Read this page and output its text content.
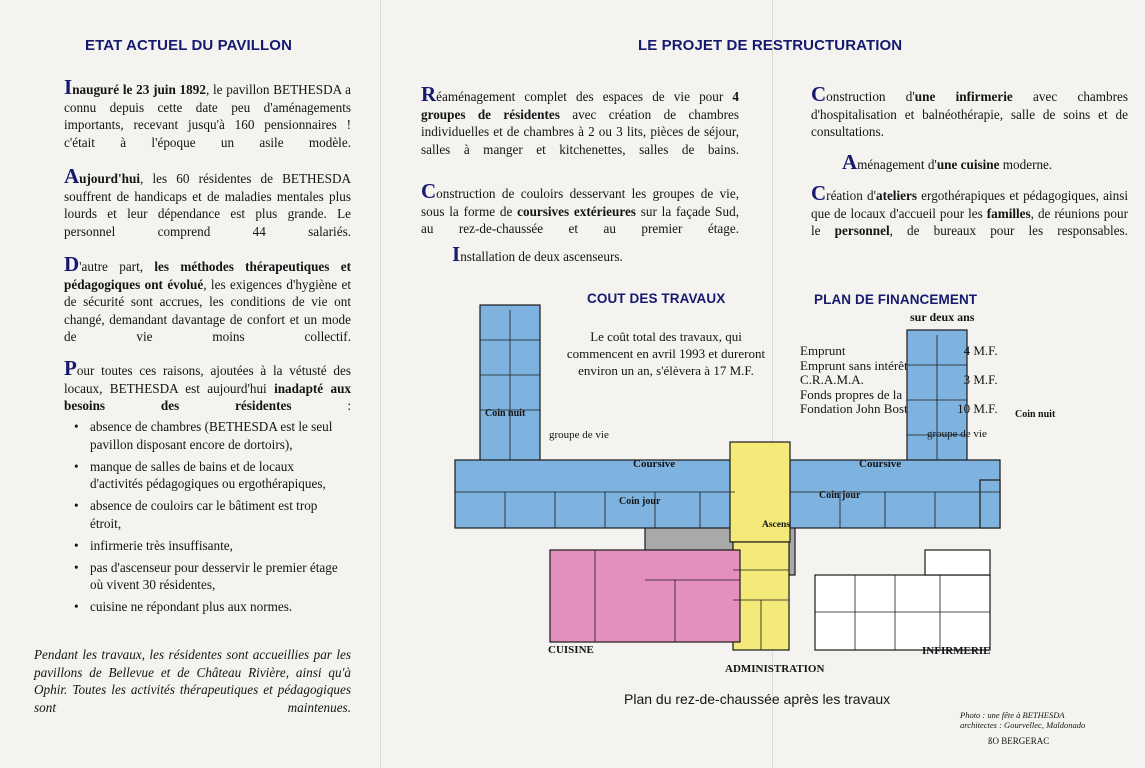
ETAT ACTUEL DU PAVILLON

Inauguré le 23 juin 1892, le pavillon BETHESDA a connu depuis cette date peu d'aménagements importants, recevant jusqu'à 160 pensionnaires ! c'était à l'époque un asile modèle.

Aujourd'hui, les 60 résidentes de BETHESDA souffrent de handicaps et de maladies mentales plus lourds et leur dépendance est plus grande. Le personnel comprend 44 salariés.

D'autre part, les méthodes thérapeutiques et pédagogiques ont évolué, les exigences d'hygiène et de sécurité sont accrues, les conditions de vie ont changé, demandant davantage de confort et un mode de vie moins collectif.

Pour toutes ces raisons, ajoutées à la vétusté des locaux, BETHESDA est aujourd'hui inadapté aux besoins des résidentes :

• absence de chambres (BETHESDA est le seul pavillon disposant encore de dortoirs),
• manque de salles de bains et de locaux d'activités pédagogiques ou ergothérapiques,
• absence de couloirs car le bâtiment est trop étroit,
• infirmerie très insuffisante,
• pas d'ascenseur pour desservir le premier étage où vivent 30 résidentes,
• cuisine ne répondant plus aux normes.

Pendant les travaux, les résidentes sont accueillies par les pavillons de Bellevue et de Château Rivière, ainsi qu'à Ophir. Toutes les activités thérapeutiques et pédagogiques sont maintenues.

LE PROJET DE RESTRUCTURATION

Réaménagement complet des espaces de vie pour 4 groupes de résidentes avec création de chambres individuelles et de chambres à 2 ou 3 lits, pièces de séjour, salles à manger et kitchenettes, salles de bains.

Construction de couloirs desservant les groupes de vie, sous la forme de coursives extérieures sur la façade Sud, au rez-de-chaussée et au premier étage.

Installation de deux ascenseurs.

Construction d'une infirmerie avec chambres d'hospitalisation et balnéothérapie, salle de soins et de consultations.

Aménagement d'une cuisine moderne.

Création d'ateliers ergothérapiques et pédagogiques, ainsi que de locaux d'accueil pour les familles, de réunions pour le personnel, de bureaux pour les responsables.

Coin nuit	Coin nuit
groupe de vie	groupe de vie
Coursive	Coursive
Coin jour
Coin jour
Ascens
CUISINE
ADMINISTRATION
INFIRMERIE
COUT DES TRAVAUX

Le coût total des travaux, qui commencent en avril 1993 et dureront environ un an, s'élèvera à 17 M.F.

PLAN DE FINANCEMENT
sur deux ans
Emprunt	4 M.F.
Emprunt sans intérêt	
C.R.A.M.A.	3 M.F.
Fonds propres de la	
Fondation John Bost	10 M.F.
Plan du rez-de-chaussée après les travaux
Photo : une fête à BETHESDA
architectes : Gourvellec, Maldonado
ßO BERGERAC
